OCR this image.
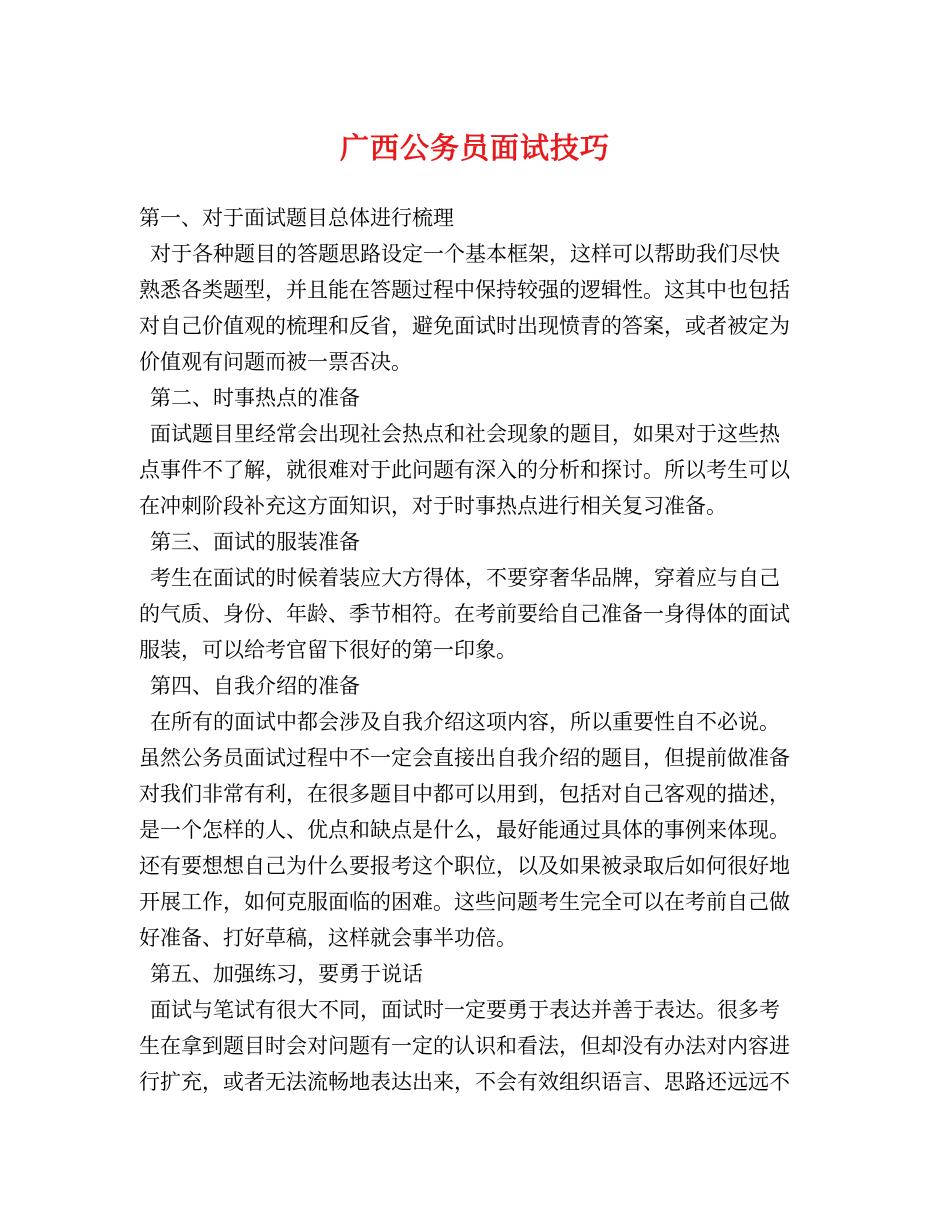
广西公务员面试技巧

第一、对于面试题目总体进行梳理

对于各种题目的答题思路设定一个基本框架，这样可以帮助我们尽快

熟悉各类题型，并且能在答题过程中保持较强的逻辑性。这其中也包括

对自己价值观的梳理和反省，避免面试时出现愤青的答案，或者被定为

价值观有问题而被一票否决。

第二、时事热点的准备

面试题目里经常会出现社会热点和社会现象的题目，如果对于这些热

点事件不了解，就很难对于此问题有深入的分析和探讨。所以考生可以

在冲刺阶段补充这方面知识，对于时事热点进行相关复习准备。

第三、面试的服装准备

考生在面试的时候着装应大方得体，不要穿奢华品牌，穿着应与自己

的气质、身份、年龄、季节相符。在考前要给自己准备一身得体的面试

服装，可以给考官留下很好的第一印象。

第四、自我介绍的准备

在所有的面试中都会涉及自我介绍这项内容，所以重要性自不必说。

虽然公务员面试过程中不一定会直接出自我介绍的题目，但提前做准备

对我们非常有利，在很多题目中都可以用到，包括对自己客观的描述，

是一个怎样的人、优点和缺点是什么，最好能通过具体的事例来体现。

还有要想想自己为什么要报考这个职位，以及如果被录取后如何很好地

开展工作，如何克服面临的困难。这些问题考生完全可以在考前自己做

好准备、打好草稿，这样就会事半功倍。

第五、加强练习，要勇于说话

面试与笔试有很大不同，面试时一定要勇于表达并善于表达。很多考

生在拿到题目时会对问题有一定的认识和看法，但却没有办法对内容进

行扩充，或者无法流畅地表达出来，不会有效组织语言、思路还远远不
